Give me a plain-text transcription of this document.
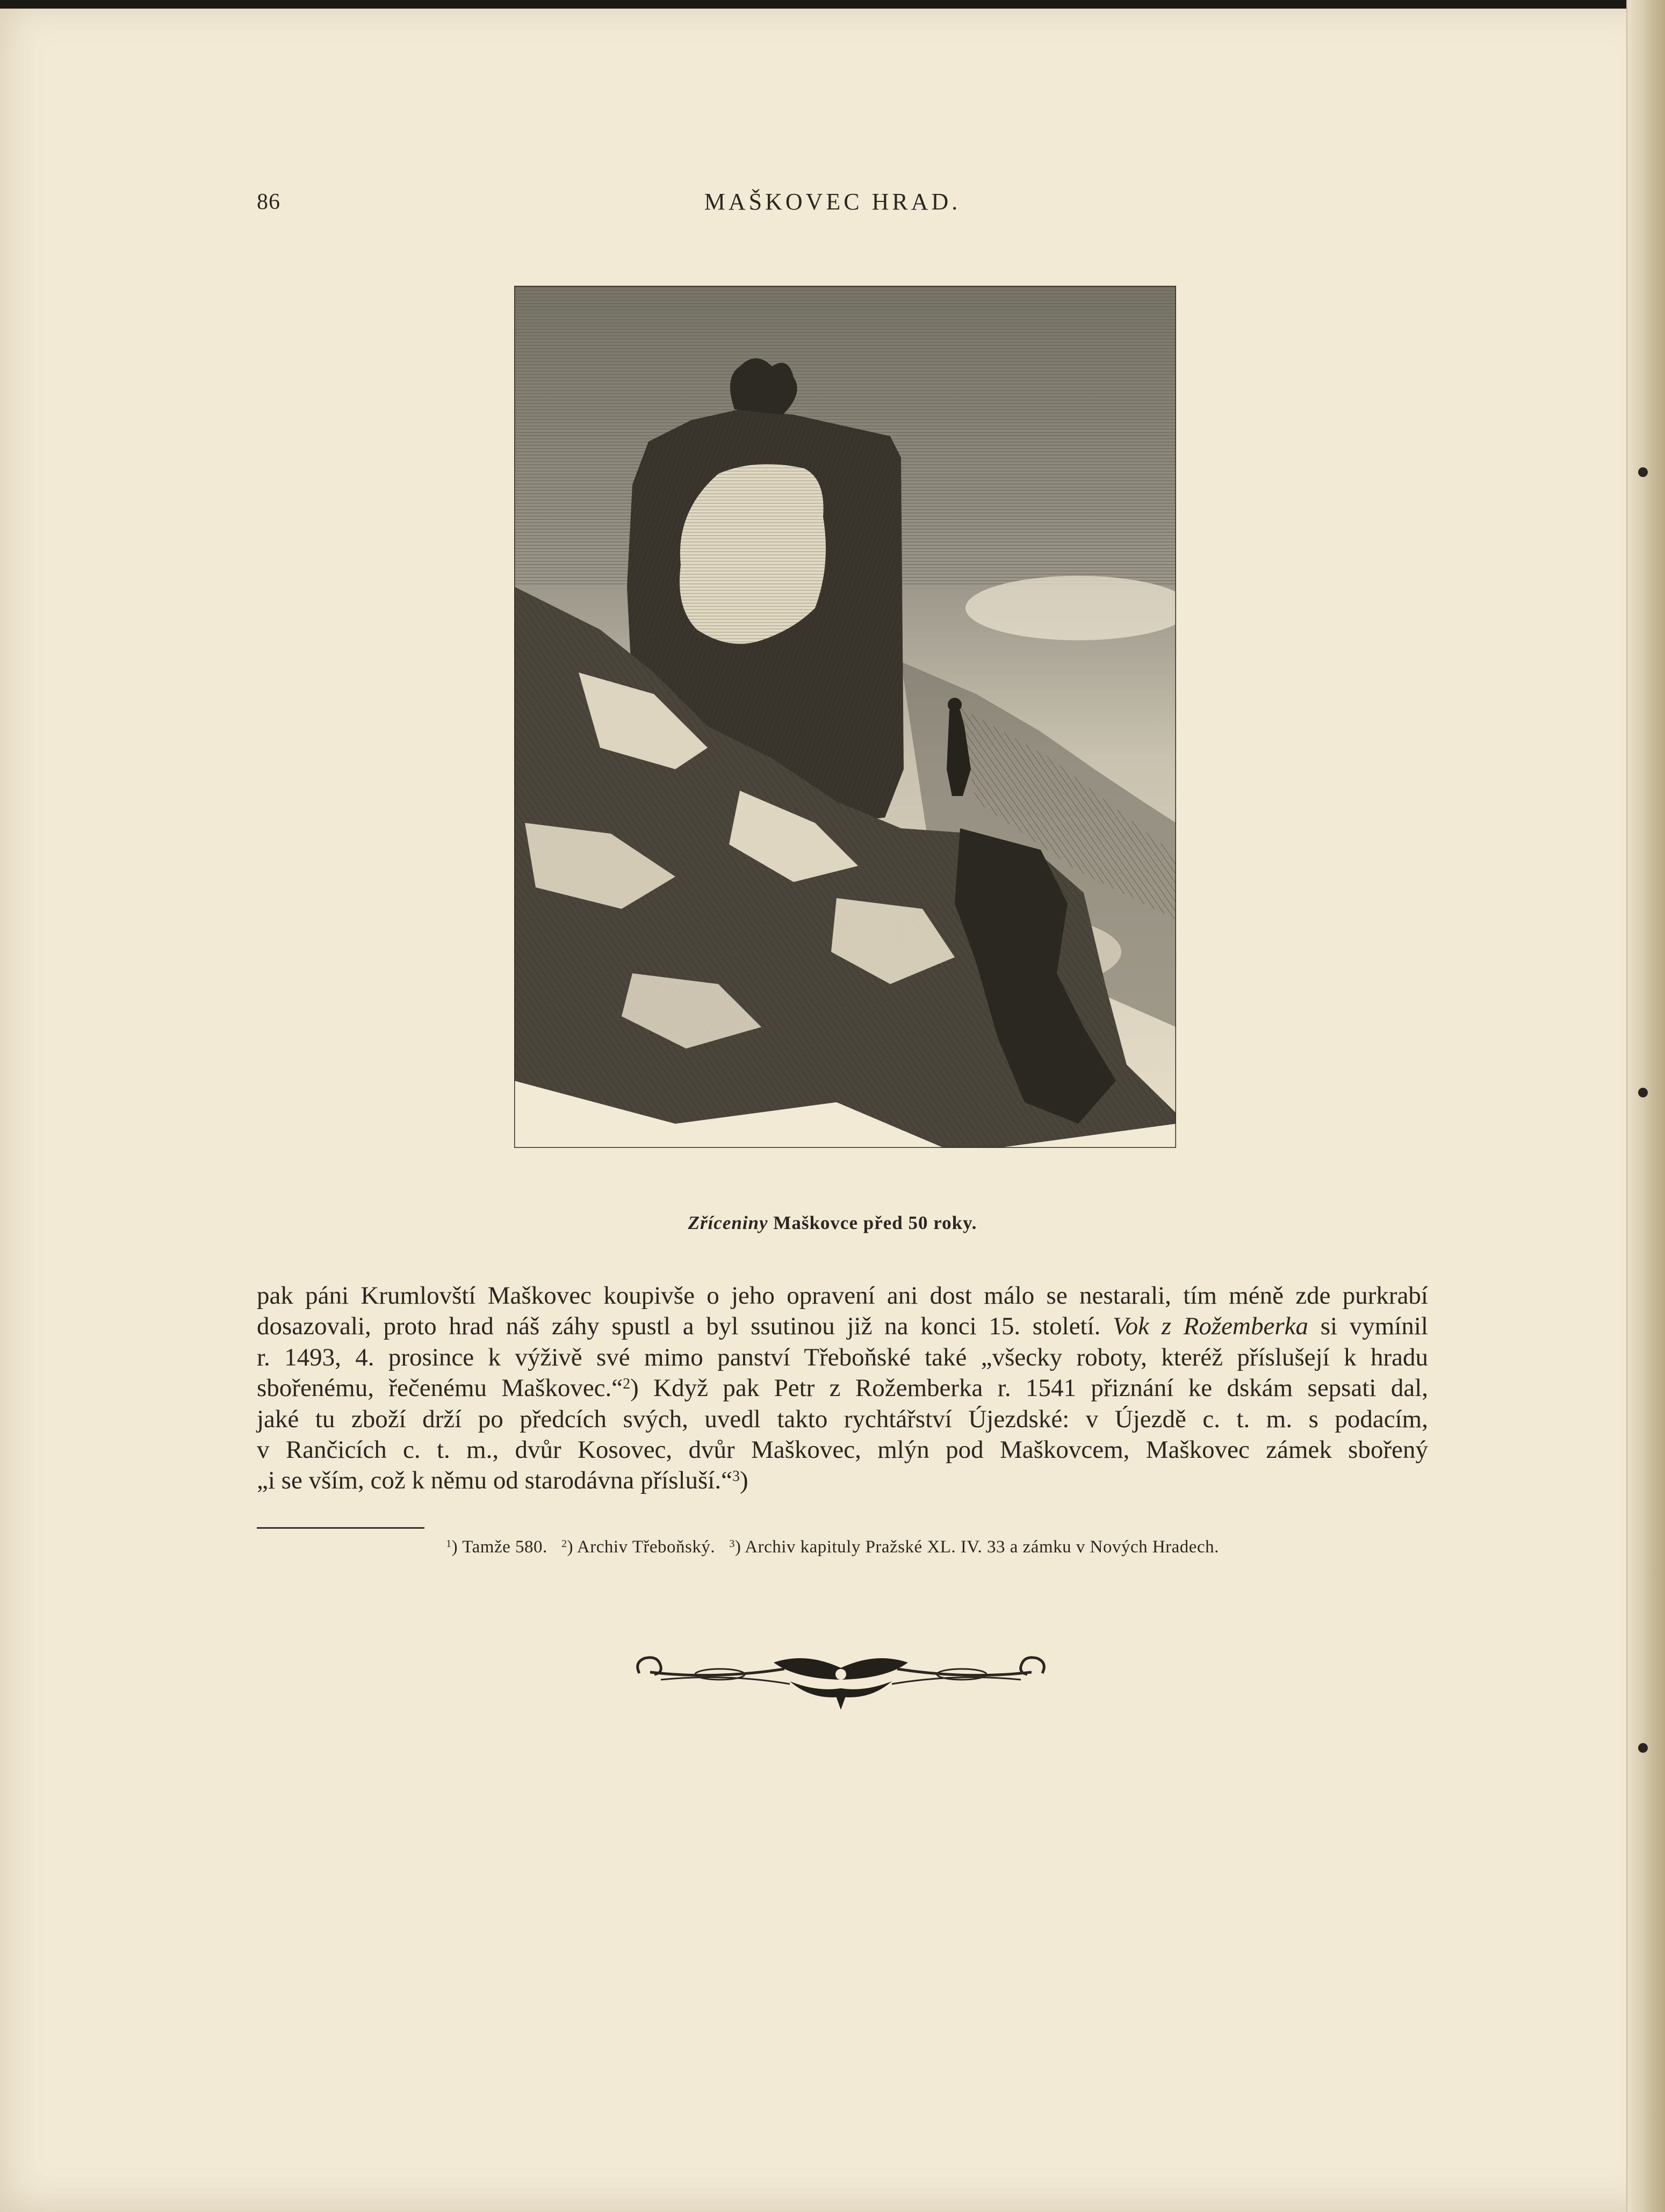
86	MAŠKOVEC HRAD.
Zříceniny Maškovce před 50 roky.
pak páni Krumlovští Maškovec koupivše o jeho opravení ani dost málo se nestarali, tím méně zde purkrabí
dosazovali, proto hrad náš záhy spustl a byl ssutinou již na konci 15. století. Vok z Rožemberka si vymínil
r. 1493, 4. prosince k výživě své mimo panství Třeboňské také „všecky roboty, kteréž příslušejí k hradu
sbořenému, řečenému Maškovec.“$^2$) Když pak Petr z Rožemberka r. 1541 přiznání ke dskám sepsati dal,
jaké tu zboží drží po předcích svých, uvedl takto rychtářství Újezdské: v Újezdě c. t. m. s podacím,
v Rančicích c. t. m., dvůr Kosovec, dvůr Maškovec, mlýn pod Maškovcem, Maškovec zámek sbořený
„i se vším, což k němu od starodávna přísluší.“$^3$)
$^1$) Tamže 580. $^2$) Archiv Třeboňský. $^3$) Archiv kapituly Pražské XL. IV. 33 a zámku v Nových Hradech.
